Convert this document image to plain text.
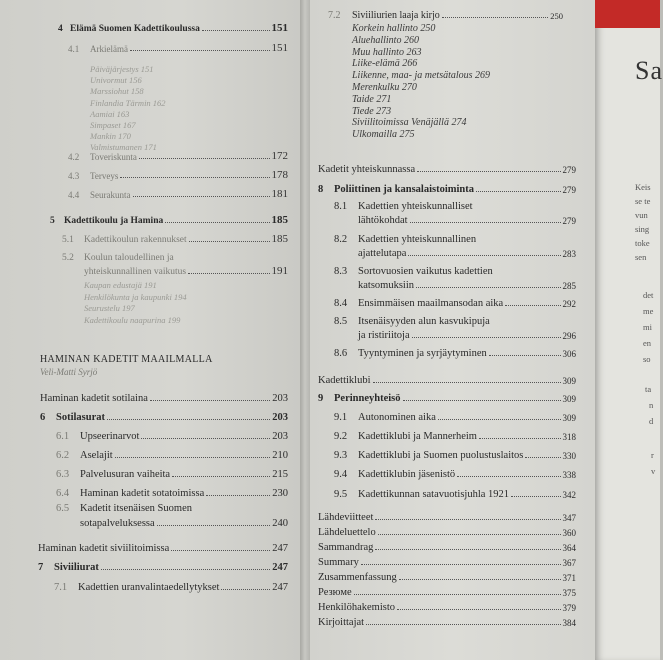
4 Elämä Suomen Kadettikoulussa	151
4.1 Arkielämä	151
Päiväjärjestys 151
Univormut 156
Marssiohut 158
Finlandia Tärmin 162
Aamiai 163
Simpaset 167
Mankin 170
Valmistumanen 171
4.2 Toveriskunta	172
4.3 Terveys	178
4.4 Seurakunta	181
5 Kadettikoulu ja Hamina	185
5.1 Kadettikoulun rakennukset	185
5.2 Koulun taloudellinen ja
yhteiskunnallinen vaikutus	191
Kaupan edustajä 191
Henkilökunta ja kaupunki 194
Seurustelu 197
Kadettikoulu naapurina 199
HAMINAN KADETIT MAAILMALLA
Veli-Matti Syrjö
Haminan kadetit sotilaina	203
6 Sotilasurat	203
6.1 Upseerinarvot	203
6.2 Aselajit	210
6.3 Palvelusuran vaiheita	215
6.4 Haminan kadetit sotatoimissa	230
6.5 Kadetit itsenäisen Suomen
sotapalveluksessa	240
Haminan kadetit siviilitoimissa	247
7 Siviiliurat	247
7.1 Kadettien uranvalintaedellytykset	247
7.2 Siviiliurien laaja kirjo	250
Korkein hallinto 250
Aluehallinto 260
Muu hallinto 263
Liike-elämä 266
Liikenne, maa- ja metsätalous 269
Merenkulku 270
Taide 271
Tiede 273
Siviilitoimissa Venäjällä 274
Ulkomailla 275
Kadetit yhteiskunnassa	279
8 Poliittinen ja kansalaistoiminta	279
8.1 Kadettien yhteiskunnalliset
lähtökohdat	279
8.2 Kadettien yhteiskunnallinen
ajattelutapa	283
8.3 Sortovuosien vaikutus kadettien
katsomuksiin	285
8.4 Ensimmäisen maailmansodan aika	292
8.5 Itsenäisyyden alun kasvukipuja
ja ristiriitoja	296
8.6 Tyyntyminen ja syrjäytyminen	306
Kadettiklubi	309
9 Perinneyhteisö	309
9.1 Autonominen aika	309
9.2 Kadettiklubi ja Mannerheim	318
9.3 Kadettiklubi ja Suomen puolustuslaitos	330
9.4 Kadettiklubin jäsenistö	338
9.5 Kadettikunnan satavuotisjuhla 1921	342
Lähdeviitteet	347
Lähdeluettelo	360
Sammandrag	364
Summary	367
Zusammenfassung	371
Резюме	375
Henkilöhakemisto	379
Kirjoittajat	384
Sa
Keis
se te
vun
sing
toke
sen
det
me
mi
en
so
ta
n
d
r
v
